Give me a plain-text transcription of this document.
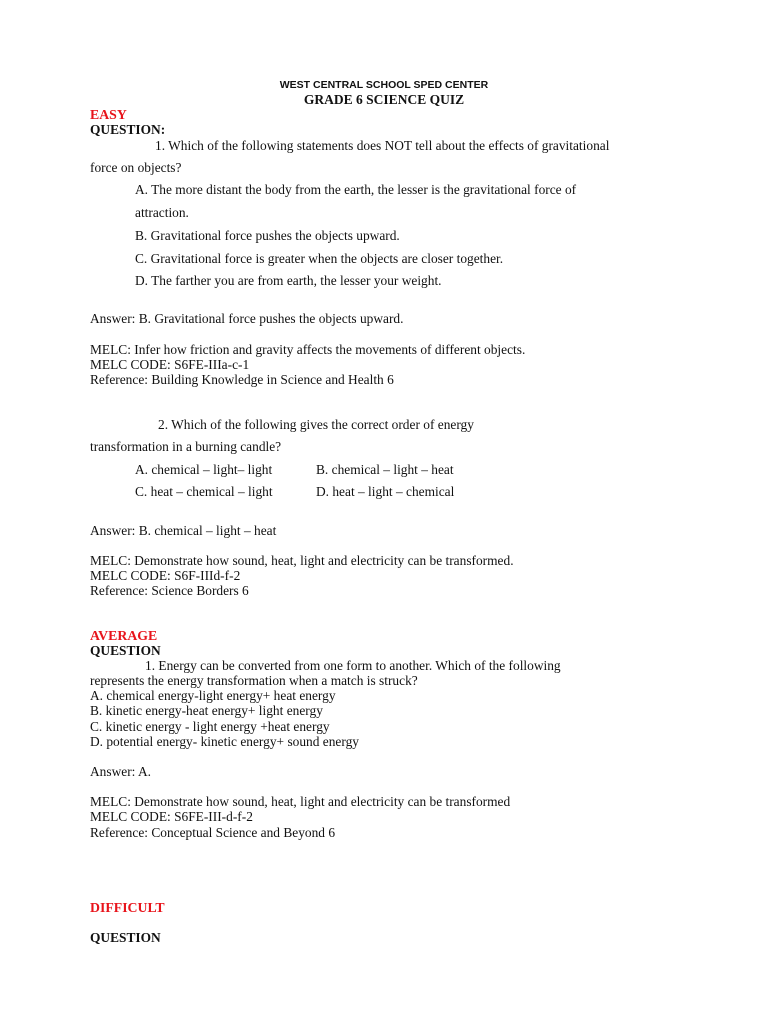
WEST CENTRAL SCHOOL SPED CENTER
GRADE 6 SCIENCE QUIZ
EASY
QUESTION:
1. Which of the following statements does NOT tell about the effects of gravitational
force on objects?
A. The more distant the body from the earth, the lesser is the gravitational force of
attraction.
B. Gravitational force pushes the objects upward.
C. Gravitational force is greater when the objects are closer together.
D. The farther you are from earth, the lesser your weight.
Answer: B. Gravitational force pushes the objects upward.
MELC: Infer how friction and gravity affects the movements of different objects.
MELC CODE: S6FE-IIIa-c-1
Reference: Building Knowledge in Science and Health 6
2. Which of the following gives the correct order of energy
transformation in a burning candle?
A. chemical – light– light	B. chemical – light – heat
C. heat – chemical – light	D. heat – light – chemical
Answer: B. chemical – light – heat
MELC: Demonstrate how sound, heat, light and electricity can be transformed.
MELC CODE: S6F-IIId-f-2
Reference: Science Borders 6
AVERAGE
QUESTION
1. Energy can be converted from one form to another. Which of the following
represents the energy transformation when a match is struck?
A. chemical energy-light energy+ heat energy
B. kinetic energy-heat energy+ light energy
C. kinetic energy - light energy +heat energy
D. potential energy- kinetic energy+ sound energy
Answer: A.
MELC: Demonstrate how sound, heat, light and electricity can be transformed
MELC CODE: S6FE-III-d-f-2
Reference: Conceptual Science and Beyond 6
DIFFICULT
QUESTION
